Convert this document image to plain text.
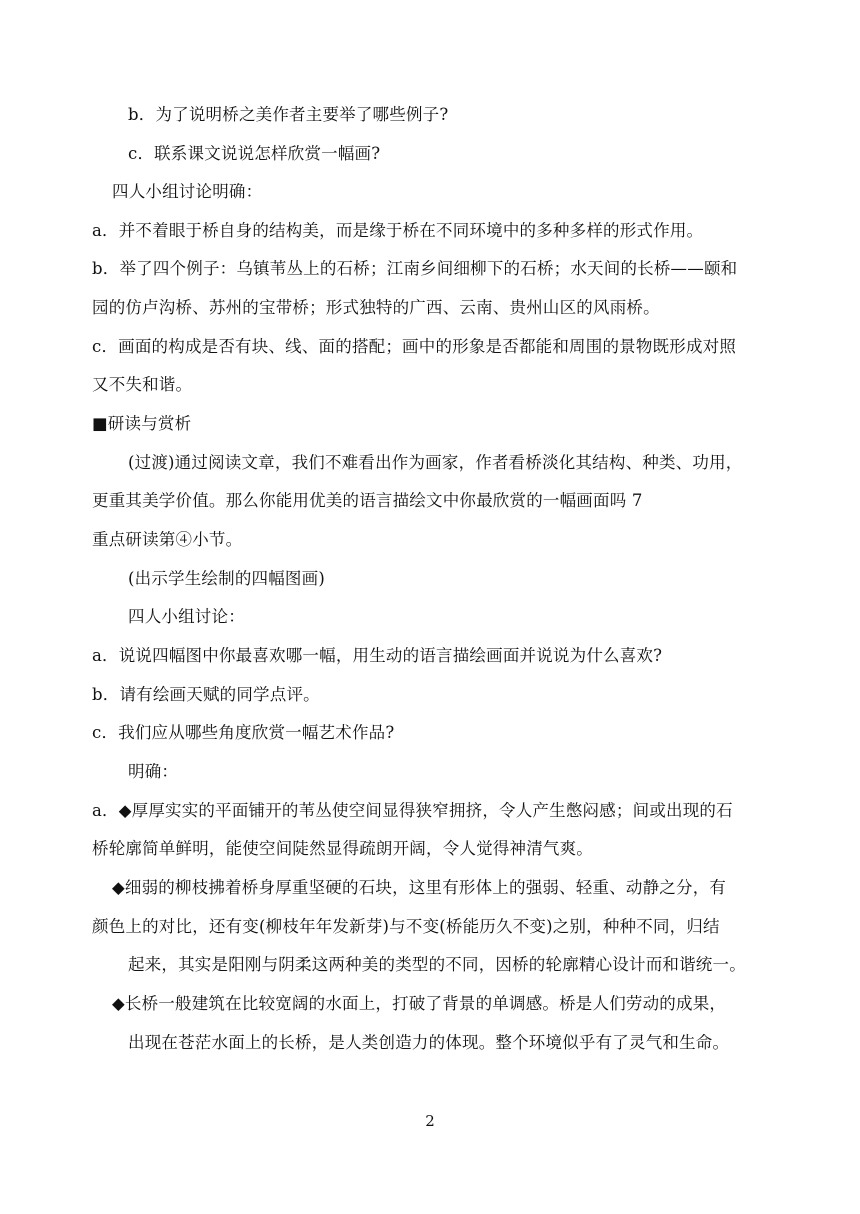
b．为了说明桥之美作者主要举了哪些例子?
c．联系课文说说怎样欣赏一幅画?
四人小组讨论明确：
a．并不着眼于桥自身的结构美，而是缘于桥在不同环境中的多种多样的形式作用。
b．举了四个例子：乌镇苇丛上的石桥；江南乡间细柳下的石桥；水天间的长桥——颐和
园的仿卢沟桥、苏州的宝带桥；形式独特的广西、云南、贵州山区的风雨桥。
c．画面的构成是否有块、线、面的搭配；画中的形象是否都能和周围的景物既形成对照
又不失和谐。
■研读与赏析
(过渡)通过阅读文章，我们不难看出作为画家，作者看桥淡化其结构、种类、功用，
更重其美学价值。那么你能用优美的语言描绘文中你最欣赏的一幅画面吗 7
重点研读第④小节。
(出示学生绘制的四幅图画)
四人小组讨论：
a．说说四幅图中你最喜欢哪一幅，用生动的语言描绘画面并说说为什么喜欢?
b．请有绘画天赋的同学点评。
c．我们应从哪些角度欣赏一幅艺术作品?
明确：
a．◆厚厚实实的平面铺开的苇丛使空间显得狭窄拥挤，令人产生憋闷感；间或出现的石
桥轮廓简单鲜明，能使空间陡然显得疏朗开阔，令人觉得神清气爽。
◆细弱的柳枝拂着桥身厚重坚硬的石块，这里有形体上的强弱、轻重、动静之分，有
颜色上的对比，还有变(柳枝年年发新芽)与不变(桥能历久不变)之别，种种不同，归结
起来，其实是阳刚与阴柔这两种美的类型的不同，因桥的轮廓精心设计而和谐统一。
◆长桥一般建筑在比较宽阔的水面上，打破了背景的单调感。桥是人们劳动的成果，
出现在苍茫水面上的长桥，是人类创造力的体现。整个环境似乎有了灵气和生命。
2
